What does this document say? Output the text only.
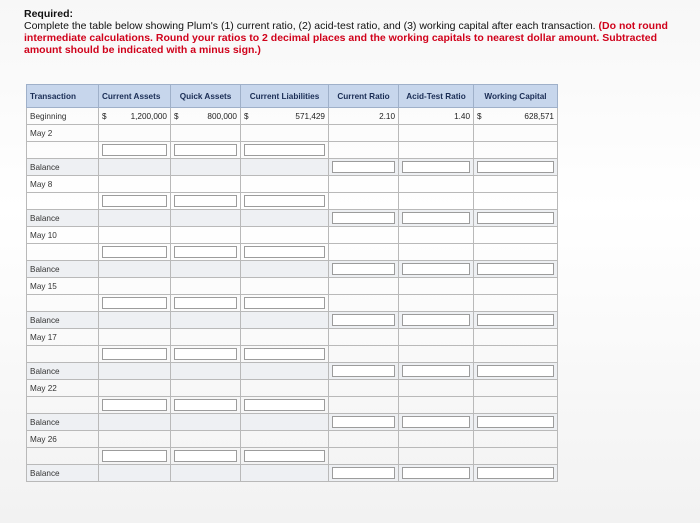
Required:
Complete the table below showing Plum's (1) current ratio, (2) acid-test ratio, and (3) working capital after each transaction. (Do not round intermediate calculations. Round your ratios to 2 decimal places and the working capitals to nearest dollar amount. Subtracted amount should be indicated with a minus sign.)
Transaction	Current Assets	Quick Assets	Current Liabilities	Current Ratio	Acid-Test Ratio	Working Capital
Beginning	$ 1,200,000	$ 800,000	$ 571,429	2.10	1.40	$ 628,571
May 2						

Balance				

May 8						

Balance				

May 10						

Balance				

May 15						

Balance				

May 17						

Balance				

May 22						

Balance				

May 26						

Balance				
